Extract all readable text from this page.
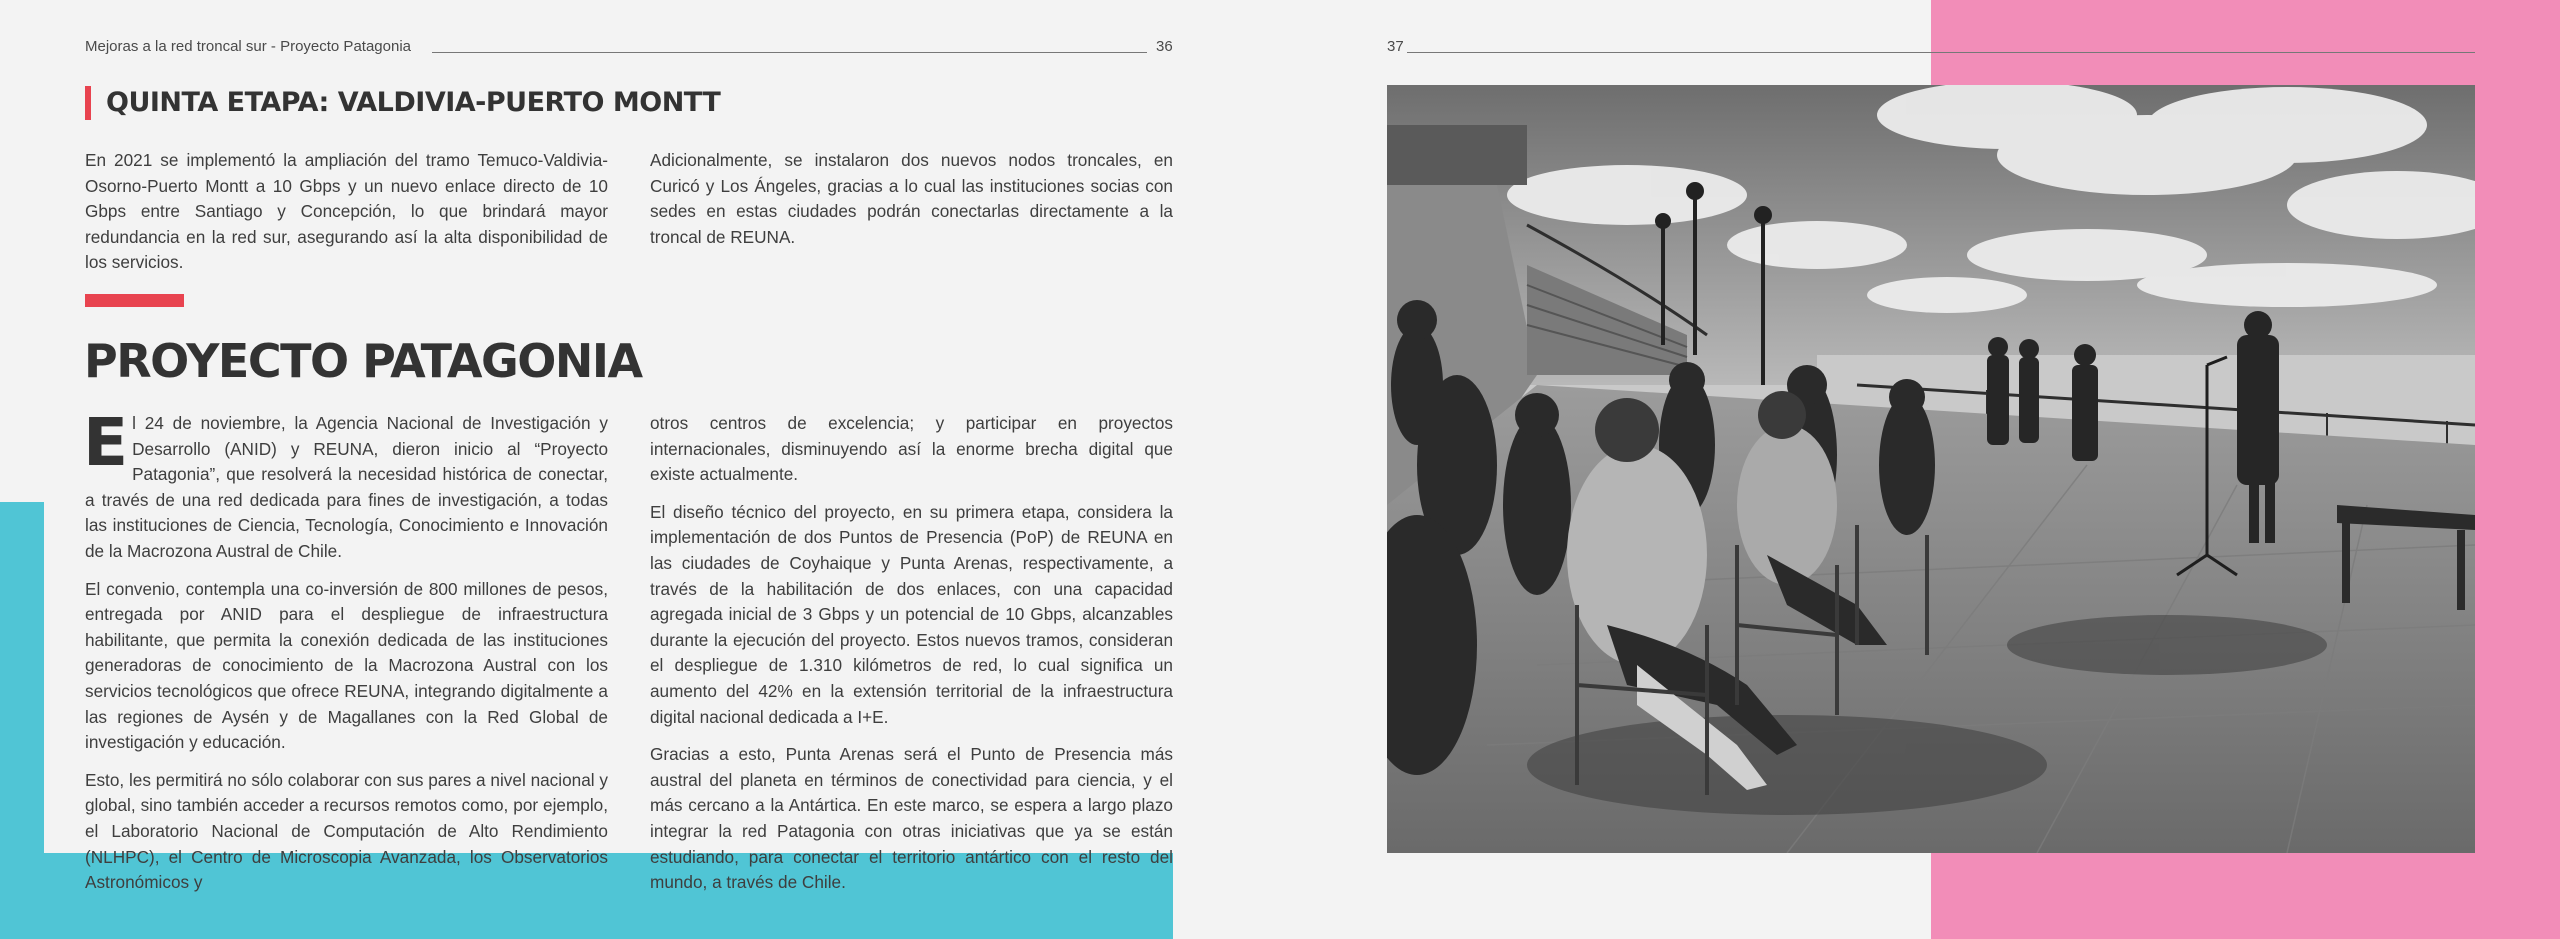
Mejoras a la red troncal sur - Proyecto Patagonia	36	37
QUINTA ETAPA: VALDIVIA-PUERTO MONTT

En 2021 se implementó la ampliación del tramo Temuco-Valdivia-Osorno-Puerto Montt a 10 Gbps y un nuevo enlace directo de 10 Gbps entre Santiago y Concepción, lo que brindará mayor redundancia en la red sur, asegurando así la alta disponibilidad de los servicios.

Adicionalmente, se instalaron dos nuevos nodos troncales, en Curicó y Los Ángeles, gracias a lo cual las instituciones socias con sedes en estas ciudades podrán conectarlas directamente a la troncal de REUNA.

PROYECTO PATAGONIA

El 24 de noviembre, la Agencia Nacional de Investigación y Desarrollo (ANID) y REUNA, dieron inicio al “Proyecto Patagonia”, que resolverá la necesidad histórica de conectar, a través de una red dedicada para fines de investigación, a todas las instituciones de Ciencia, Tecnología, Conocimiento e Innovación de la Macrozona Austral de Chile.

El convenio, contempla una co-inversión de 800 millones de pesos, entregada por ANID para el despliegue de infraestructura habilitante, que permita la conexión dedicada de las instituciones generadoras de conocimiento de la Macrozona Austral con los servicios tecnológicos que ofrece REUNA, integrando digitalmente a las regiones de Aysén y de Magallanes con la Red Global de investigación y educación.

Esto, les permitirá no sólo colaborar con sus pares a nivel nacional y global, sino también acceder a recursos remotos como, por ejemplo, el Laboratorio Nacional de Computación de Alto Rendimiento (NLHPC), el Centro de Microscopia Avanzada, los Observatorios Astronómicos y

otros centros de excelencia; y participar en proyectos internacionales, disminuyendo así la enorme brecha digital que existe actualmente.

El diseño técnico del proyecto, en su primera etapa, considera la implementación de dos Puntos de Presencia (PoP) de REUNA en las ciudades de Coyhaique y Punta Arenas, respectivamente, a través de la habilitación de dos enlaces, con una capacidad agregada inicial de 3 Gbps y un potencial de 10 Gbps, alcanzables durante la ejecución del proyecto. Estos nuevos tramos, consideran el despliegue de 1.310 kilómetros de red, lo cual significa un aumento del 42% en la extensión territorial de la infraestructura digital nacional dedicada a I+E.

Gracias a esto, Punta Arenas será el Punto de Presencia más austral del planeta en términos de conectividad para ciencia, y el más cercano a la Antártica. En este marco, se espera a largo plazo integrar la red Patagonia con otras iniciativas que ya se están estudiando, para conectar el territorio antártico con el resto del mundo, a través de Chile.
